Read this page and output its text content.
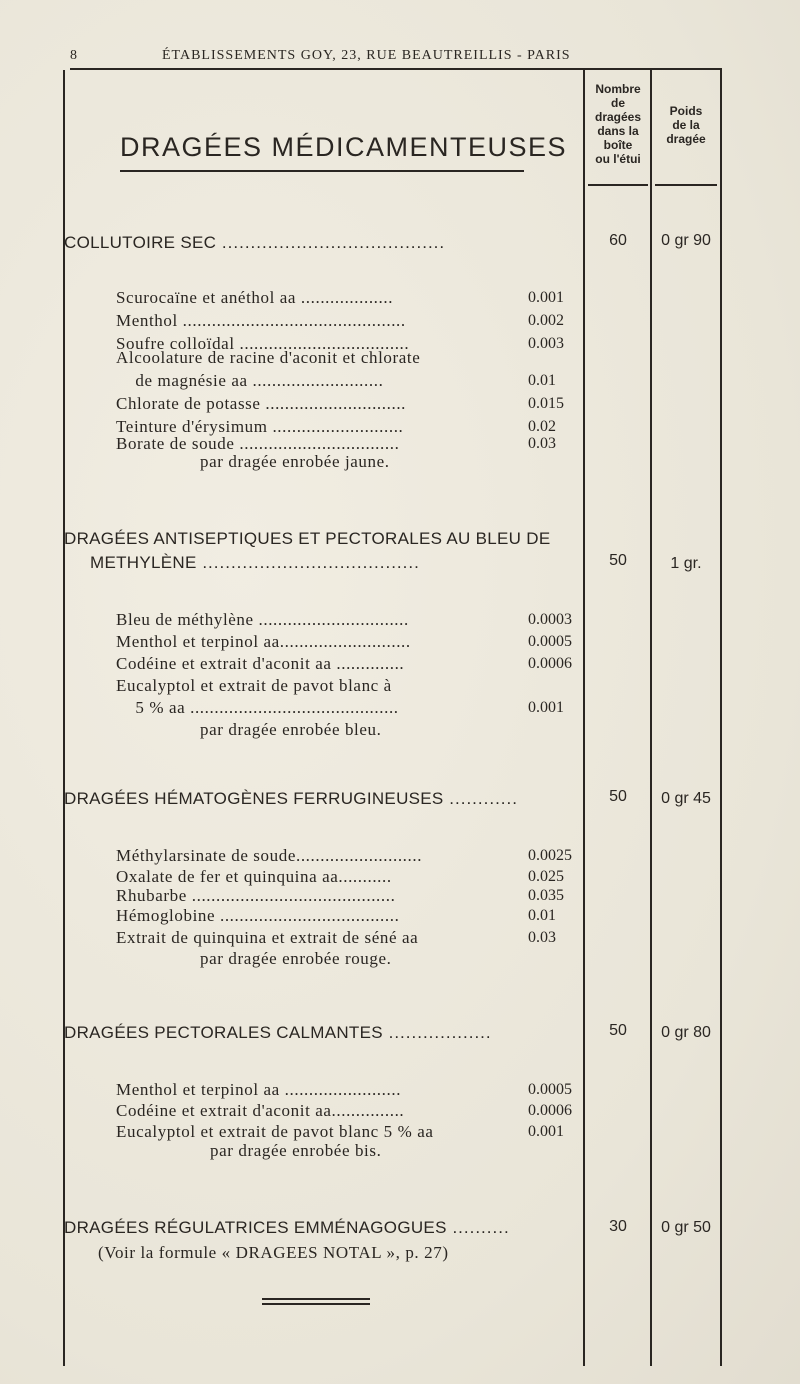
8	ÉTABLISSEMENTS GOY, 23, RUE BEAUTREILLIS - PARIS
DRAGÉES MÉDICAMENTEUSES
Nombre
de
dragées
dans la
boîte
ou l'étui
Poids
de la
dragée
COLLUTOIRE SEC .......................................	60	0 gr 90
Scurocaïne et anéthol aa ...................	0.001
Menthol ..............................................	0.002
Soufre colloïdal ...................................	0.003
Alcoolature de racine d'aconit et chlorate
de magnésie aa ...........................	0.01
Chlorate de potasse .............................	0.015
Teinture d'érysimum ...........................	0.02
Borate de soude .................................	0.03
par dragée enrobée jaune.
DRAGÉES ANTISEPTIQUES ET PECTORALES AU BLEU DE
METHYLÈNE ......................................	50	1 gr.
Bleu de méthylène ...............................	0.0003
Menthol et terpinol aa...........................	0.0005
Codéine et extrait d'aconit aa ..............	0.0006
Eucalyptol et extrait de pavot blanc à
5 % aa ...........................................	0.001
par dragée enrobée bleu.
DRAGÉES HÉMATOGÈNES FERRUGINEUSES ............	50	0 gr 45
Méthylarsinate de soude..........................	0.0025
Oxalate de fer et quinquina aa...........	0.025
Rhubarbe ..........................................	0.035
Hémoglobine .....................................	0.01
Extrait de quinquina et extrait de séné aa	0.03
par dragée enrobée rouge.
DRAGÉES PECTORALES CALMANTES ..................	50	0 gr 80
Menthol et terpinol aa ........................	0.0005
Codéine et extrait d'aconit aa...............	0.0006
Eucalyptol et extrait de pavot blanc 5 % aa	0.001
par dragée enrobée bis.
DRAGÉES RÉGULATRICES EMMÉNAGOGUES ..........	30	0 gr 50
(Voir la formule « DRAGEES NOTAL », p. 27)
